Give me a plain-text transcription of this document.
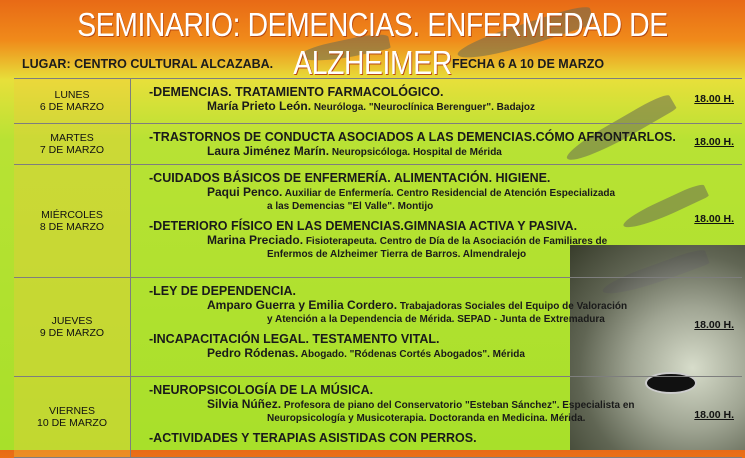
SEMINARIO: DEMENCIAS. ENFERMEDAD DE ALZHEIMER
LUGAR: CENTRO CULTURAL ALCAZABA.	FECHA 6 A 10 DE MARZO
LUNES
6 DE MARZO
18.00 H.
-DEMENCIAS. TRATAMIENTO FARMACOLÓGICO.
María Prieto León. Neuróloga. "Neuroclínica Berenguer". Badajoz
MARTES
7 DE MARZO
18.00 H.
-TRASTORNOS DE CONDUCTA ASOCIADOS A LAS DEMENCIAS.CÓMO AFRONTARLOS.
Laura Jiménez Marín. Neuropsicóloga. Hospital de Mérida
MIÉRCOLES
8 DE MARZO
18.00 H.
-CUIDADOS BÁSICOS DE ENFERMERÍA. ALIMENTACIÓN. HIGIENE.
Paqui Penco. Auxiliar de Enfermería. Centro Residencial de Atención Especializada
a las Demencias "El Valle". Montijo
-DETERIORO FÍSICO EN LAS DEMENCIAS.GIMNASIA ACTIVA Y PASIVA.
Marina Preciado. Fisioterapeuta. Centro de Día de la Asociación de Familiares de
Enfermos de Alzheimer Tierra de Barros. Almendralejo
JUEVES
9 DE MARZO
18.00 H.
-LEY DE DEPENDENCIA.
Amparo Guerra y Emilia Cordero. Trabajadoras Sociales del Equipo de Valoración
y Atención a la Dependencia de Mérida. SEPAD - Junta de Extremadura
-INCAPACITACIÓN LEGAL. TESTAMENTO VITAL.
Pedro Ródenas. Abogado. "Ródenas Cortés Abogados". Mérida
VIERNES
10 DE MARZO
18.00 H.
-NEUROPSICOLOGÍA DE LA MÚSICA.
Silvia Núñez. Profesora de piano del Conservatorio "Esteban Sánchez". Especialista en
Neuropsicología y Musicoterapia. Doctoranda en Medicina. Mérida.
-ACTIVIDADES Y TERAPIAS ASISTIDAS CON PERROS.
